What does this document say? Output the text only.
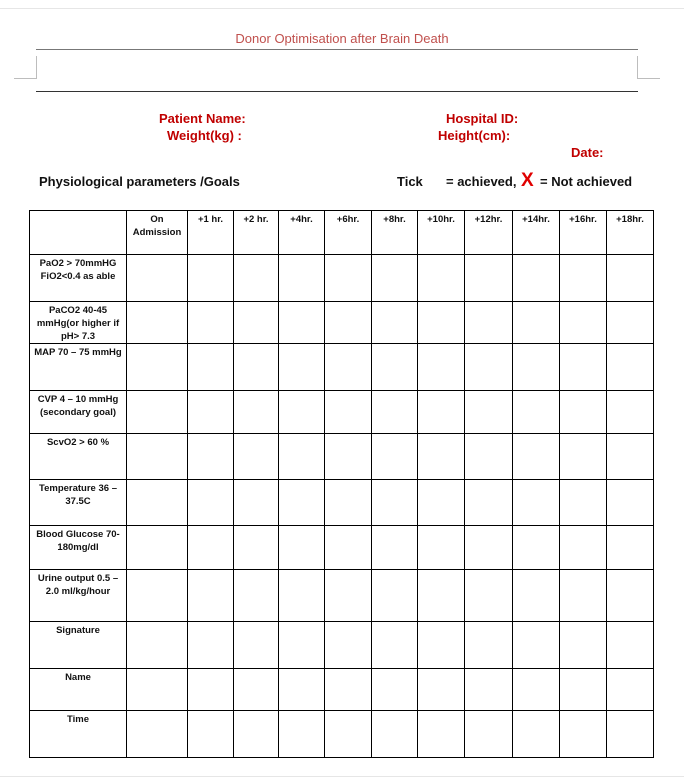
Donor Optimisation after Brain Death
Patient Name:
Weight(kg) :
Hospital ID:
Height(cm):
Date:
Physiological parameters /Goals	Tick = achieved, X = Not achieved
	On Admission	+1 hr.	+2 hr.	+4hr.	+6hr.	+8hr.	+10hr.	+12hr.	+14hr.	+16hr.	+18hr.
PaO2 > 70mmHG FiO2<0.4 as able											
PaCO2 40-45 mmHg(or higher if pH> 7.3											
MAP 70 – 75 mmHg											
CVP 4 – 10 mmHg (secondary goal)											
ScvO2 > 60 %											
Temperature 36 – 37.5C											
Blood Glucose 70-180mg/dl											
Urine output 0.5 – 2.0 ml/kg/hour											
Signature											
Name											
Time											
